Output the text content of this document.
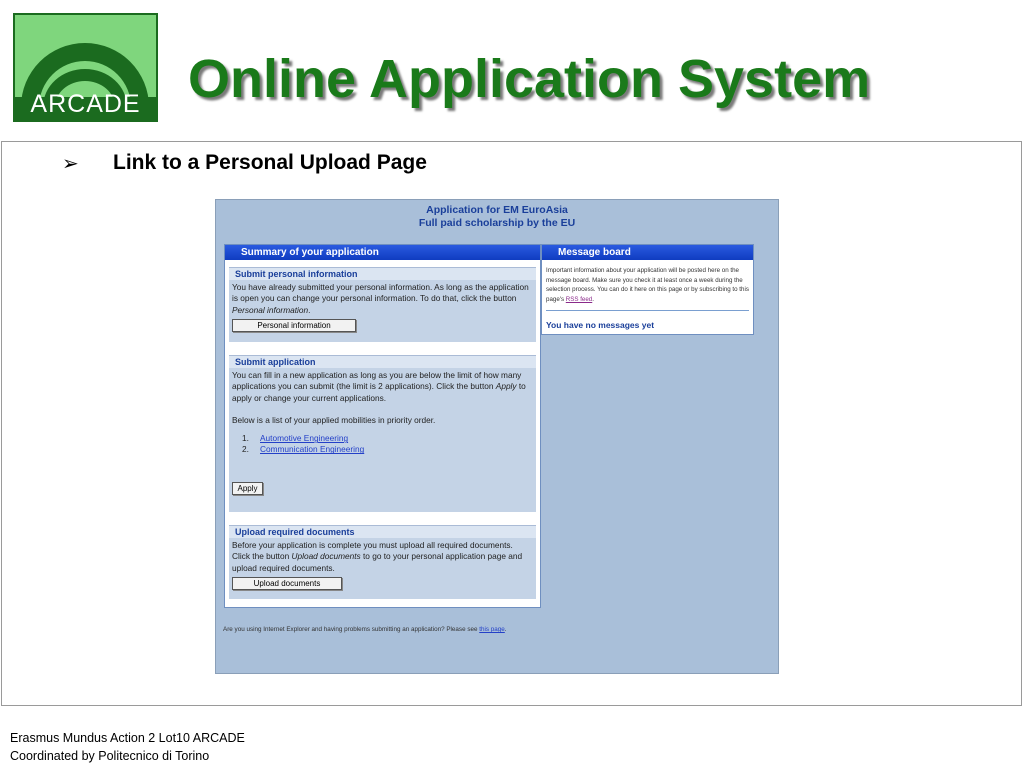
ARCADE Online Application System
➢ Link to a Personal Upload Page
Application for EM EuroAsia
Full paid scholarship by the EU
Summary of your application
Submit personal information

You have already submitted your personal information. As long as the application is open you can change your personal information. To do that, click the button Personal information.

Personal information
Submit application

You can fill in a new application as long as you are below the limit of how many applications you can submit (the limit is 2 applications). Click the button Apply to apply or change your current applications.

Below is a list of your applied mobilities in priority order.

1. Automotive Engineering
2. Communication Engineering
Apply
Upload required documents

Before your application is complete you must upload all required documents. Click the button Upload documents to go to your personal application page and upload required documents.

Upload documents
Message board
Important information about your application will be posted here on the message board. Make sure you check it at least once a week during the selection process. You can do it here on this page or by subscribing to this page's RSS feed.
You have no messages yet
Are you using Internet Explorer and having problems submitting an application? Please see this page.
Erasmus Mundus Action 2 Lot10 ARCADE
Coordinated by Politecnico di Torino
